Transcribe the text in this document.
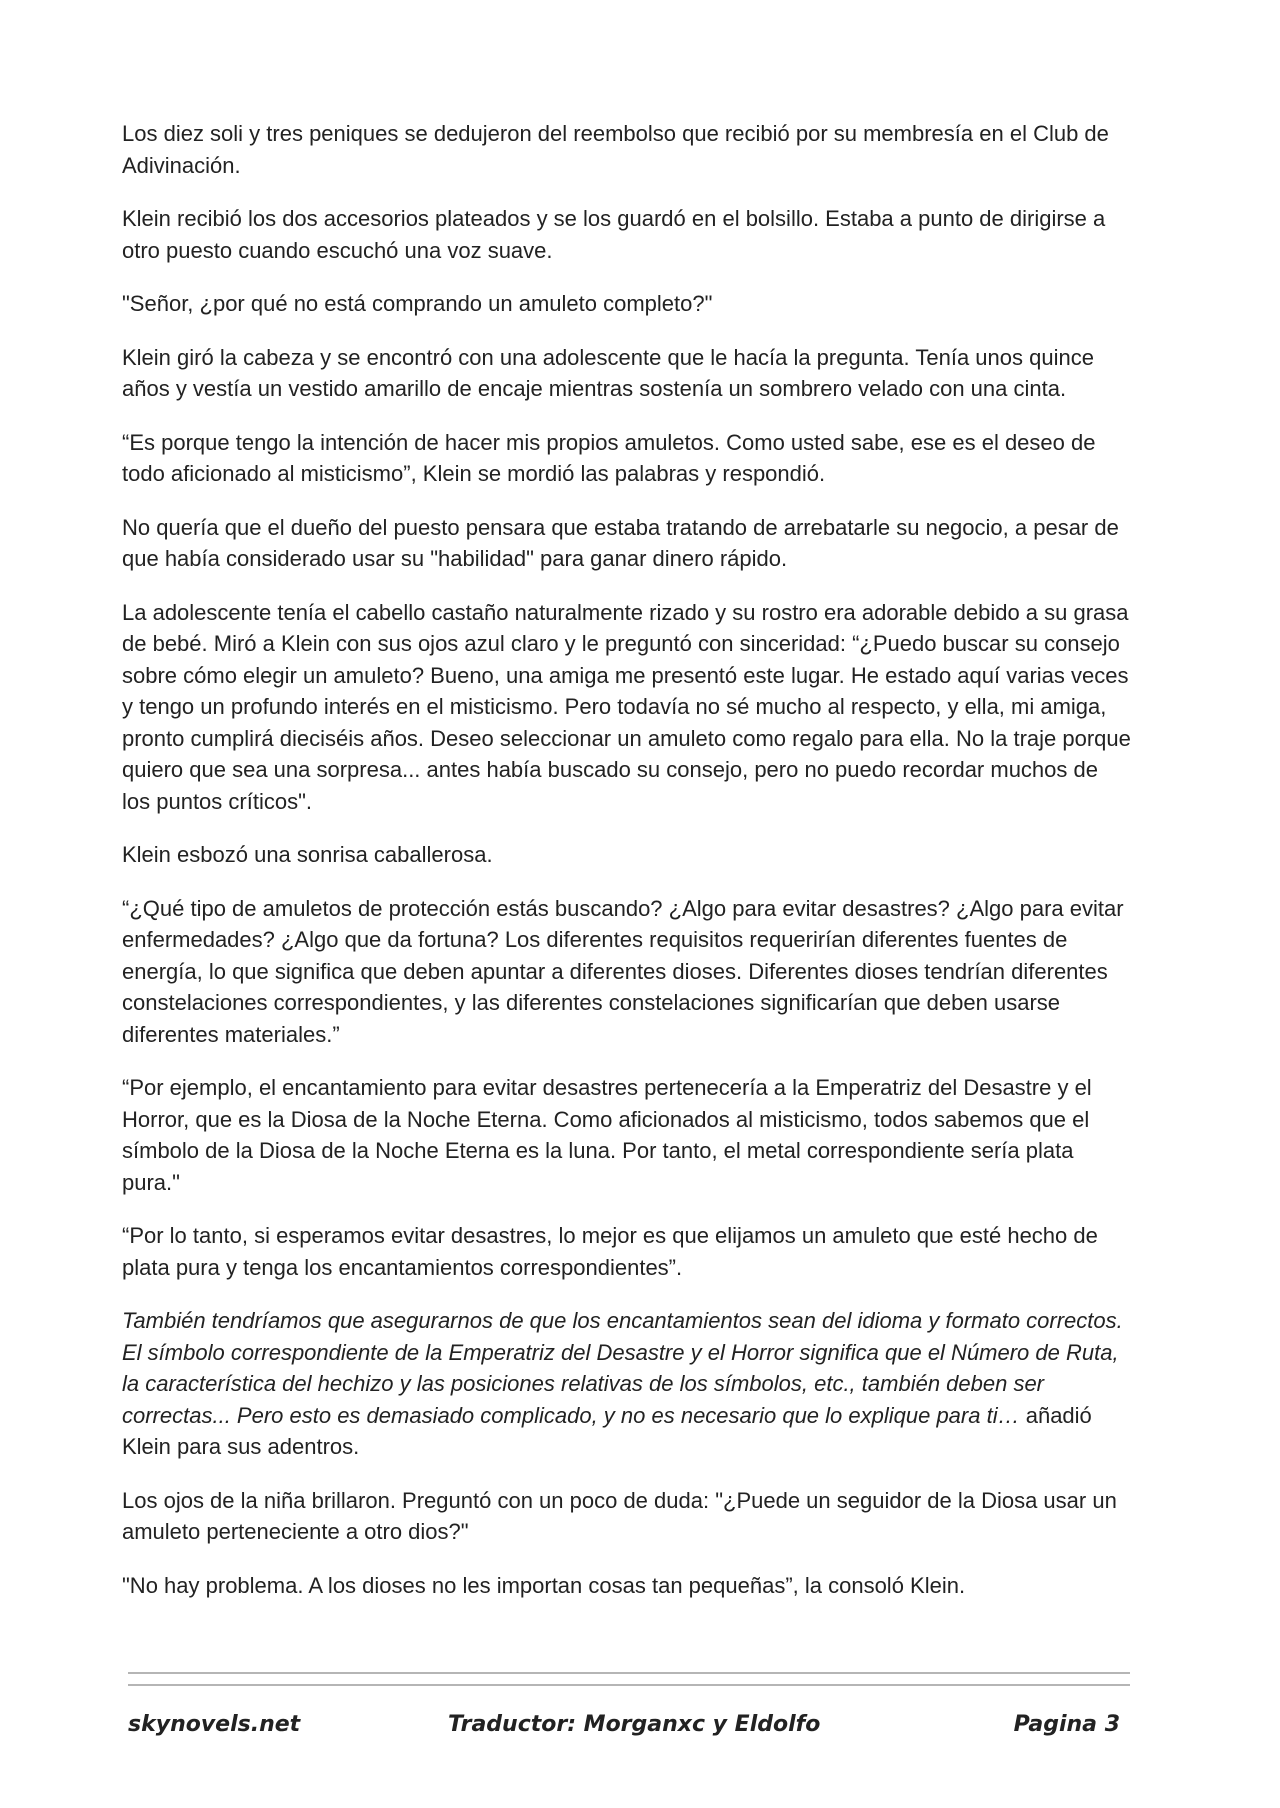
Los diez soli y tres peniques se dedujeron del reembolso que recibió por su membresía en el Club de Adivinación.

Klein recibió los dos accesorios plateados y se los guardó en el bolsillo. Estaba a punto de dirigirse a otro puesto cuando escuchó una voz suave.

"Señor, ¿por qué no está comprando un amuleto completo?"

Klein giró la cabeza y se encontró con una adolescente que le hacía la pregunta. Tenía unos quince años y vestía un vestido amarillo de encaje mientras sostenía un sombrero velado con una cinta.

“Es porque tengo la intención de hacer mis propios amuletos. Como usted sabe, ese es el deseo de todo aficionado al misticismo”, Klein se mordió las palabras y respondió.

No quería que el dueño del puesto pensara que estaba tratando de arrebatarle su negocio, a pesar de que había considerado usar su "habilidad" para ganar dinero rápido.

La adolescente tenía el cabello castaño naturalmente rizado y su rostro era adorable debido a su grasa de bebé. Miró a Klein con sus ojos azul claro y le preguntó con sinceridad: “¿Puedo buscar su consejo sobre cómo elegir un amuleto? Bueno, una amiga me presentó este lugar. He estado aquí varias veces y tengo un profundo interés en el misticismo. Pero todavía no sé mucho al respecto, y ella, mi amiga, pronto cumplirá dieciséis años. Deseo seleccionar un amuleto como regalo para ella. No la traje porque quiero que sea una sorpresa... antes había buscado su consejo, pero no puedo recordar muchos de los puntos críticos".

Klein esbozó una sonrisa caballerosa.

“¿Qué tipo de amuletos de protección estás buscando? ¿Algo para evitar desastres? ¿Algo para evitar enfermedades? ¿Algo que da fortuna? Los diferentes requisitos requerirían diferentes fuentes de energía, lo que significa que deben apuntar a diferentes dioses. Diferentes dioses tendrían diferentes constelaciones correspondientes, y las diferentes constelaciones significarían que deben usarse diferentes materiales.”

“Por ejemplo, el encantamiento para evitar desastres pertenecería a la Emperatriz del Desastre y el Horror, que es la Diosa de la Noche Eterna. Como aficionados al misticismo, todos sabemos que el símbolo de la Diosa de la Noche Eterna es la luna. Por tanto, el metal correspondiente sería plata pura."

“Por lo tanto, si esperamos evitar desastres, lo mejor es que elijamos un amuleto que esté hecho de plata pura y tenga los encantamientos correspondientes”.

También tendríamos que asegurarnos de que los encantamientos sean del idioma y formato correctos. El símbolo correspondiente de la Emperatriz del Desastre y el Horror significa que el Número de Ruta, la característica del hechizo y las posiciones relativas de los símbolos, etc., también deben ser correctas... Pero esto es demasiado complicado, y no es necesario que lo explique para ti… añadió Klein para sus adentros.

Los ojos de la niña brillaron. Preguntó con un poco de duda: "¿Puede un seguidor de la Diosa usar un amuleto perteneciente a otro dios?"

"No hay problema. A los dioses no les importan cosas tan pequeñas”, la consoló Klein.

skynovels.net	Traductor: Morganxc y Eldolfo	Pagina 3
